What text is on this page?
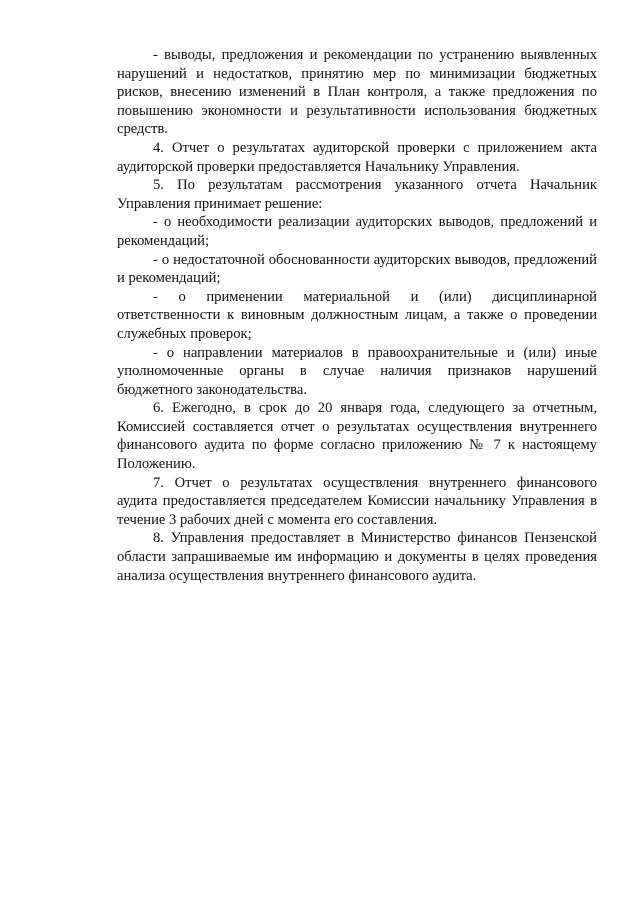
- выводы, предложения и рекомендации по устранению выявленных нарушений и недостатков, принятию мер по минимизации бюджетных рисков, внесению изменений в План контроля, а также предложения по повышению экономности и результативности использования бюджетных средств.

4. Отчет о результатах аудиторской проверки с приложением акта аудиторской проверки предоставляется Начальнику Управления.

5. По результатам рассмотрения указанного отчета Начальник Управления принимает решение:

- о необходимости реализации аудиторских выводов, предложений и рекомендаций;

- о недостаточной обоснованности аудиторских выводов, предложений и рекомендаций;

- о применении материальной и (или) дисциплинарной ответственности к виновным должностным лицам, а также о проведении служебных проверок;

- о направлении материалов в правоохранительные и (или) иные уполномоченные органы в случае наличия признаков нарушений бюджетного законодательства.

6. Ежегодно, в срок до 20 января года, следующего за отчетным, Комиссией составляется отчет о результатах осуществления внутреннего финансового аудита по форме согласно приложению № 7 к настоящему Положению.

7. Отчет о результатах осуществления внутреннего финансового аудита предоставляется председателем Комиссии начальнику Управления в течение 3 рабочих дней с момента его составления.

8. Управления предоставляет в Министерство финансов Пензенской области запрашиваемые им информацию и документы в целях проведения анализа осуществления внутреннего финансового аудита.
